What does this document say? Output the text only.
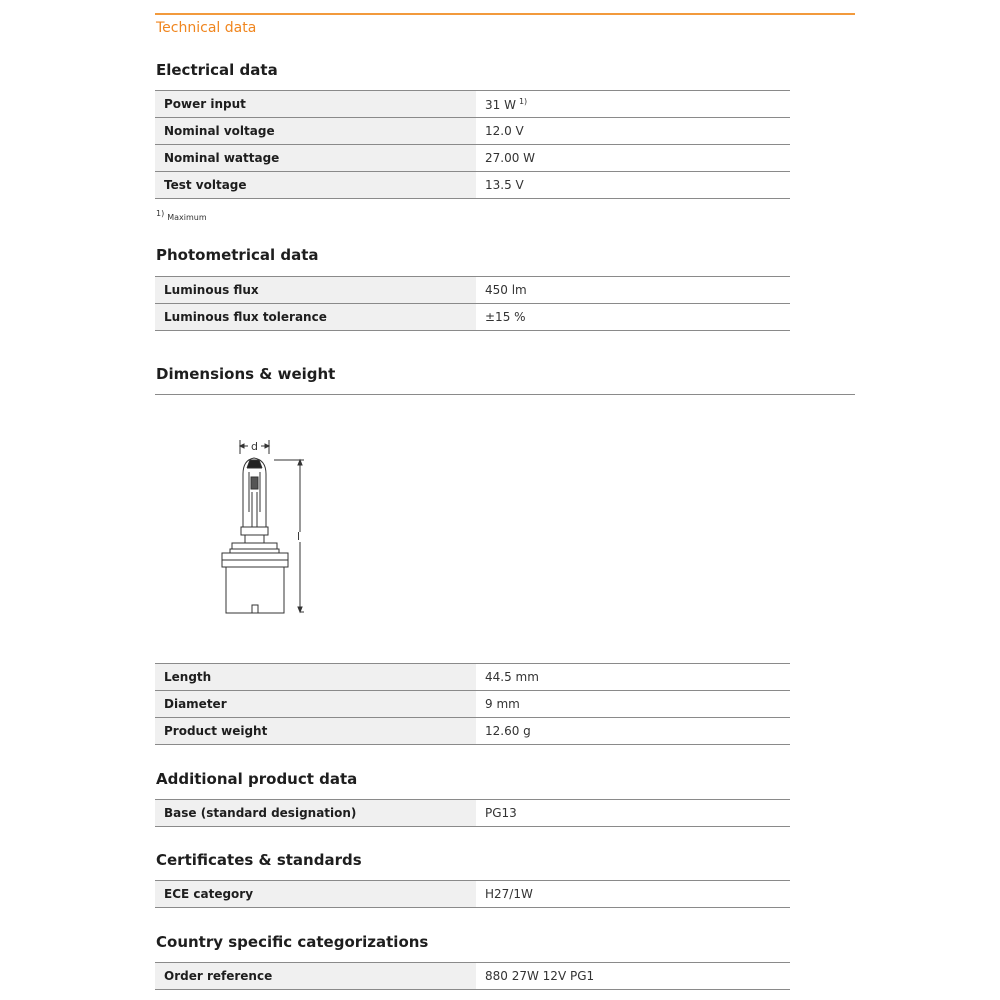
Technical data
Electrical data
Power input	31 W $^{1)}$
Nominal voltage	12.0 V
Nominal wattage	27.00 W
Test voltage	13.5 V
1) Maximum
Photometrical data
Luminous flux	450 lm
Luminous flux tolerance	±15 %
Dimensions & weight
d
l
Length	44.5 mm
Diameter	9 mm
Product weight	12.60 g
Additional product data
Base (standard designation)	PG13
Certificates & standards
ECE category	H27/1W
Country specific categorizations
Order reference	880 27W 12V PG1
